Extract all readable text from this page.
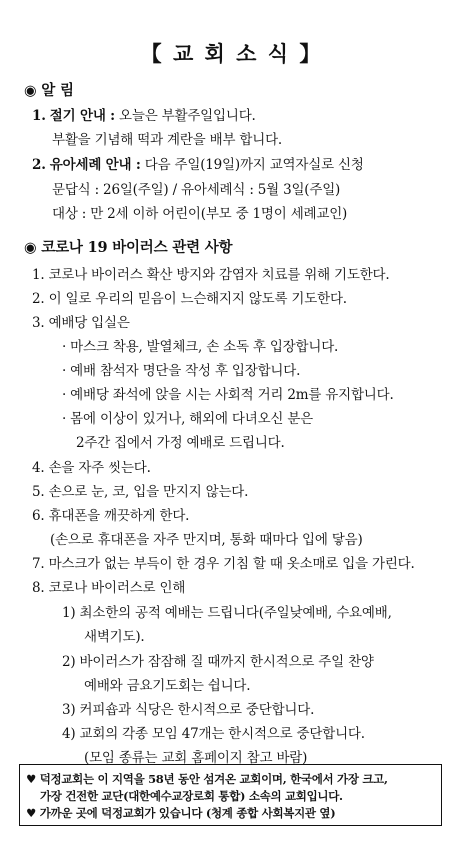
【 교 회 소 식 】
◉ 알 림
1. 절기 안내 : 오늘은 부활주일입니다.
부활을 기념해 떡과 계란을 배부 합니다.
2. 유아세례 안내 : 다음 주일(19일)까지 교역자실로 신청
문답식 : 26일(주일) / 유아세례식 : 5월 3일(주일)
대상 : 만 2세 이하 어린이(부모 중 1명이 세례교인)
◉ 코로나 19 바이러스 관련 사항
1. 코로나 바이러스 확산 방지와 감염자 치료를 위해 기도한다.
2. 이 일로 우리의 믿음이 느슨해지지 않도록 기도한다.
3. 예배당 입실은
· 마스크 착용, 발열체크, 손 소독 후 입장합니다.
· 예배 참석자 명단을 작성 후 입장합니다.
· 예배당 좌석에 앉을 시는 사회적 거리 2m를 유지합니다.
· 몸에 이상이 있거나, 해외에 다녀오신 분은
2주간 집에서 가정 예배로 드립니다.
4. 손을 자주 씻는다.
5. 손으로 눈, 코, 입을 만지지 않는다.
6. 휴대폰을 깨끗하게 한다.
(손으로 휴대폰을 자주 만지며, 통화 때마다 입에 닿음)
7. 마스크가 없는 부득이 한 경우 기침 할 때 옷소매로 입을 가린다.
8. 코로나 바이러스로 인해
1) 최소한의 공적 예배는 드립니다(주일낮예배, 수요예배,
새벽기도).
2) 바이러스가 잠잠해 질 때까지 한시적으로 주일 찬양
예배와 금요기도회는 쉽니다.
3) 커피숍과 식당은 한시적으로 중단합니다.
4) 교회의 각종 모임 47개는 한시적으로 중단합니다.
(모임 종류는 교회 홈페이지 참고 바람)
♥ 덕정교회는 이 지역을 58년 동안 섬겨온 교회이며, 한국에서 가장 크고,
가장 건전한 교단(대한예수교장로회 통합) 소속의 교회입니다.
♥ 가까운 곳에 덕정교회가 있습니다 (청계 종합 사회복지관 옆)
